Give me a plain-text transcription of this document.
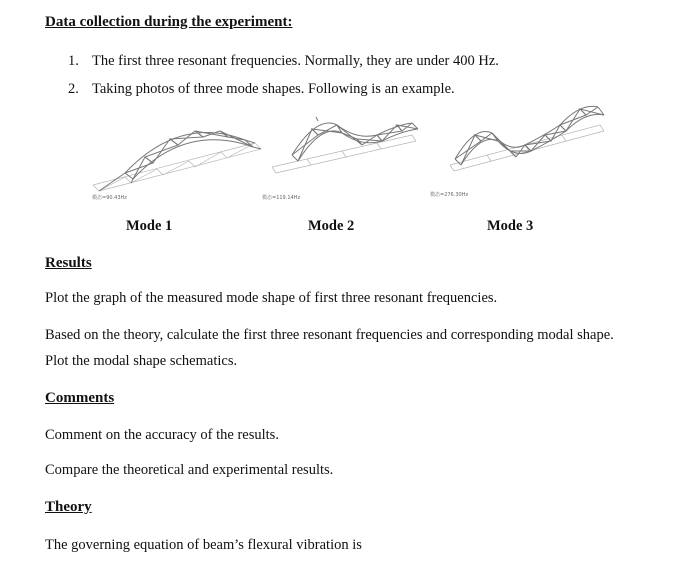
Data collection during the experiment:
1. The first three resonant frequencies. Normally, they are under 400 Hz.
2. Taking photos of three mode shapes. Following is an example.
模态=90.43Hz	模态=119.14Hz	模态=276.30Hz
Mode 1	Mode 2	Mode 3
Results
Plot the graph of the measured mode shape of first three resonant frequencies.
Based on the theory, calculate the first three resonant frequencies and corresponding modal shape.
Plot the modal shape schematics.
Comments
Comment on the accuracy of the results.
Compare the theoretical and experimental results.
Theory
The governing equation of beam’s flexural vibration is
